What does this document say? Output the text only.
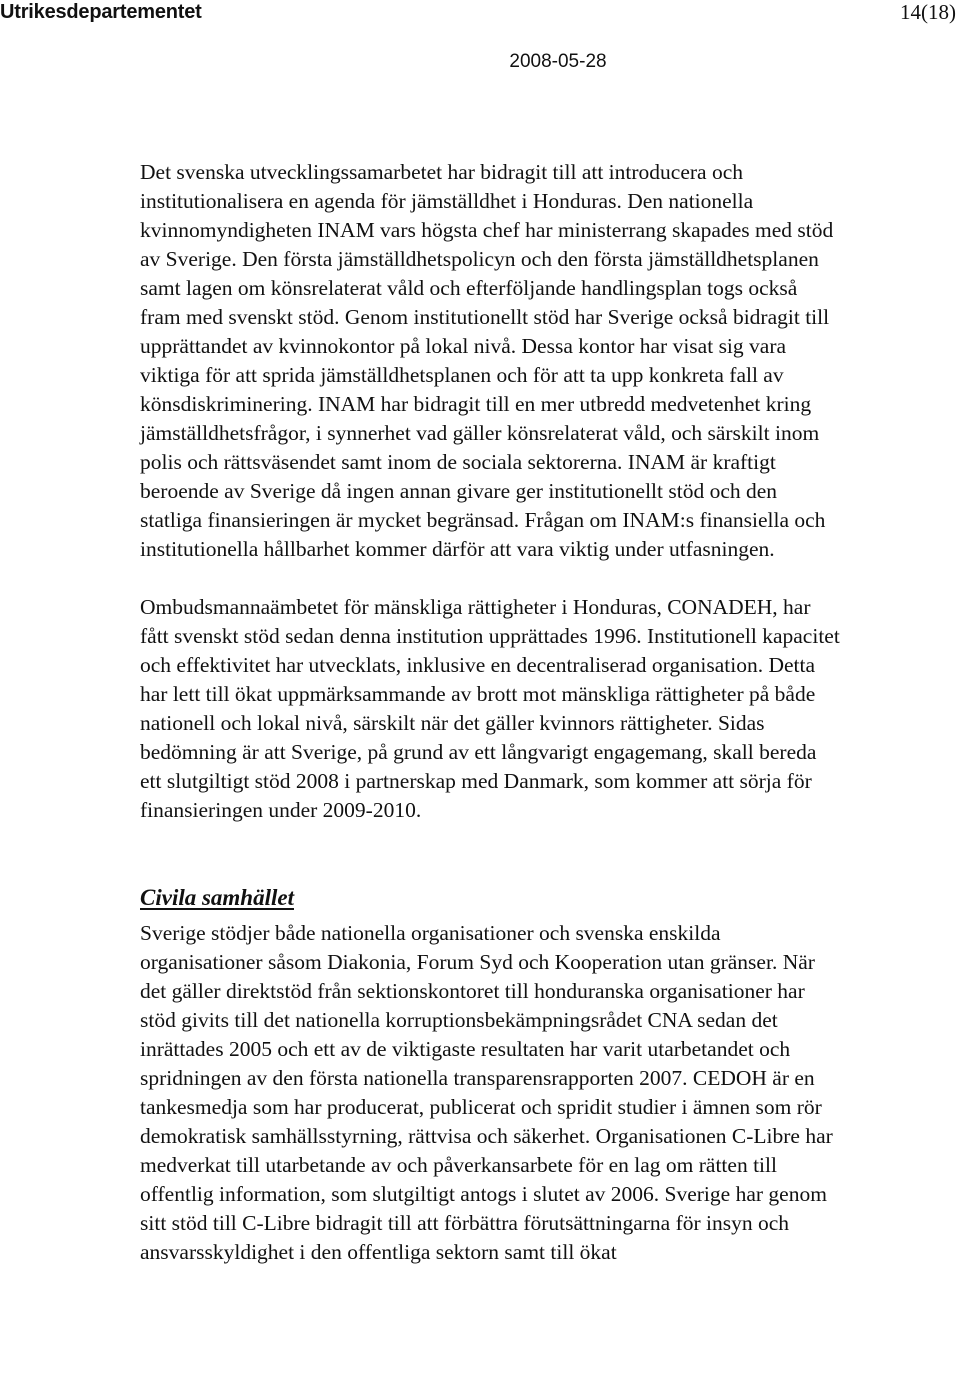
Utrikesdepartementet	14(18)
2008-05-28

Det svenska utvecklingssamarbetet har bidragit till att introducera och institutionalisera en agenda för jämställdhet i Honduras. Den nationella kvinnomyndigheten INAM vars högsta chef har ministerrang skapades med stöd av Sverige. Den första jämställdhetspolicyn och den första jämställdhetsplanen samt lagen om könsrelaterat våld och efterföljande handlingsplan togs också fram med svenskt stöd. Genom institutionellt stöd har Sverige också bidragit till upprättandet av kvinnokontor på lokal nivå. Dessa kontor har visat sig vara viktiga för att sprida jämställdhetsplanen och för att ta upp konkreta fall av könsdiskriminering. INAM har bidragit till en mer utbredd medvetenhet kring jämställdhetsfrågor, i synnerhet vad gäller könsrelaterat våld, och särskilt inom polis och rättsväsendet samt inom de sociala sektorerna. INAM är kraftigt beroende av Sverige då ingen annan givare ger institutionellt stöd och den statliga finansieringen är mycket begränsad. Frågan om INAM:s finansiella och institutionella hållbarhet kommer därför att vara viktig under utfasningen.

Ombudsmannaämbetet för mänskliga rättigheter i Honduras, CONADEH, har fått svenskt stöd sedan denna institution upprättades 1996. Institutionell kapacitet och effektivitet har utvecklats, inklusive en decentraliserad organisation. Detta har lett till ökat uppmärksammande av brott mot mänskliga rättigheter på både nationell och lokal nivå, särskilt när det gäller kvinnors rättigheter. Sidas bedömning är att Sverige, på grund av ett långvarigt engagemang, skall bereda ett slutgiltigt stöd 2008 i partnerskap med Danmark, som kommer att sörja för finansieringen under 2009-2010.

Civila samhället

Sverige stödjer både nationella organisationer och svenska enskilda organisationer såsom Diakonia, Forum Syd och Kooperation utan gränser. När det gäller direktstöd från sektionskontoret till honduranska organisationer har stöd givits till det nationella korruptionsbekämpningsrådet CNA sedan det inrättades 2005 och ett av de viktigaste resultaten har varit utarbetandet och spridningen av den första nationella transparensrapporten 2007. CEDOH är en tankesmedja som har producerat, publicerat och spridit studier i ämnen som rör demokratisk samhällsstyrning, rättvisa och säkerhet. Organisationen C-Libre har medverkat till utarbetande av och påverkansarbete för en lag om rätten till offentlig information, som slutgiltigt antogs i slutet av 2006. Sverige har genom sitt stöd till C-Libre bidragit till att förbättra förutsättningarna för insyn och ansvarsskyldighet i den offentliga sektorn samt till ökat
